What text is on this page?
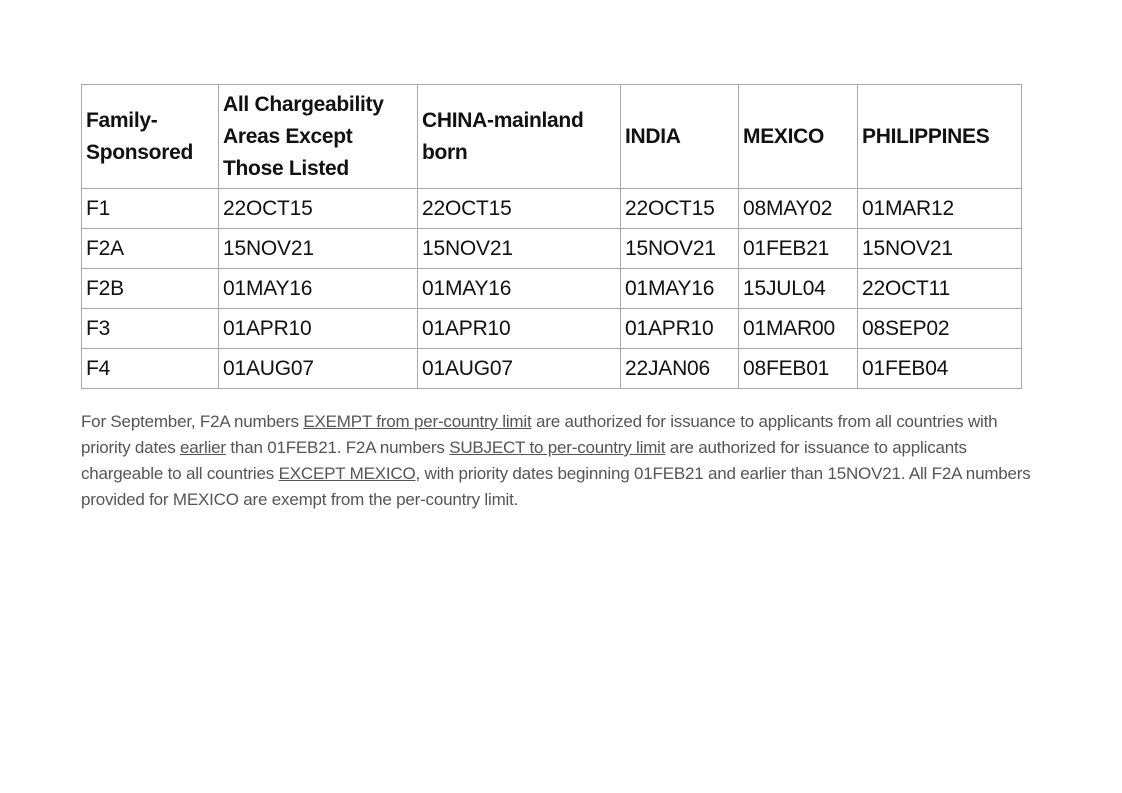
Family-Sponsored	All Chargeability Areas Except Those Listed	CHINA-mainland born	INDIA	MEXICO	PHILIPPINES
F1	22OCT15	22OCT15	22OCT15	08MAY02	01MAR12
F2A	15NOV21	15NOV21	15NOV21	01FEB21	15NOV21
F2B	01MAY16	01MAY16	01MAY16	15JUL04	22OCT11
F3	01APR10	01APR10	01APR10	01MAR00	08SEP02
F4	01AUG07	01AUG07	22JAN06	08FEB01	01FEB04

For September, F2A numbers EXEMPT from per-country limit are authorized for issuance to applicants from all countries with priority dates earlier than 01FEB21. F2A numbers SUBJECT to per-country limit are authorized for issuance to applicants chargeable to all countries EXCEPT MEXICO, with priority dates beginning 01FEB21 and earlier than 15NOV21. All F2A numbers provided for MEXICO are exempt from the per-country limit.
